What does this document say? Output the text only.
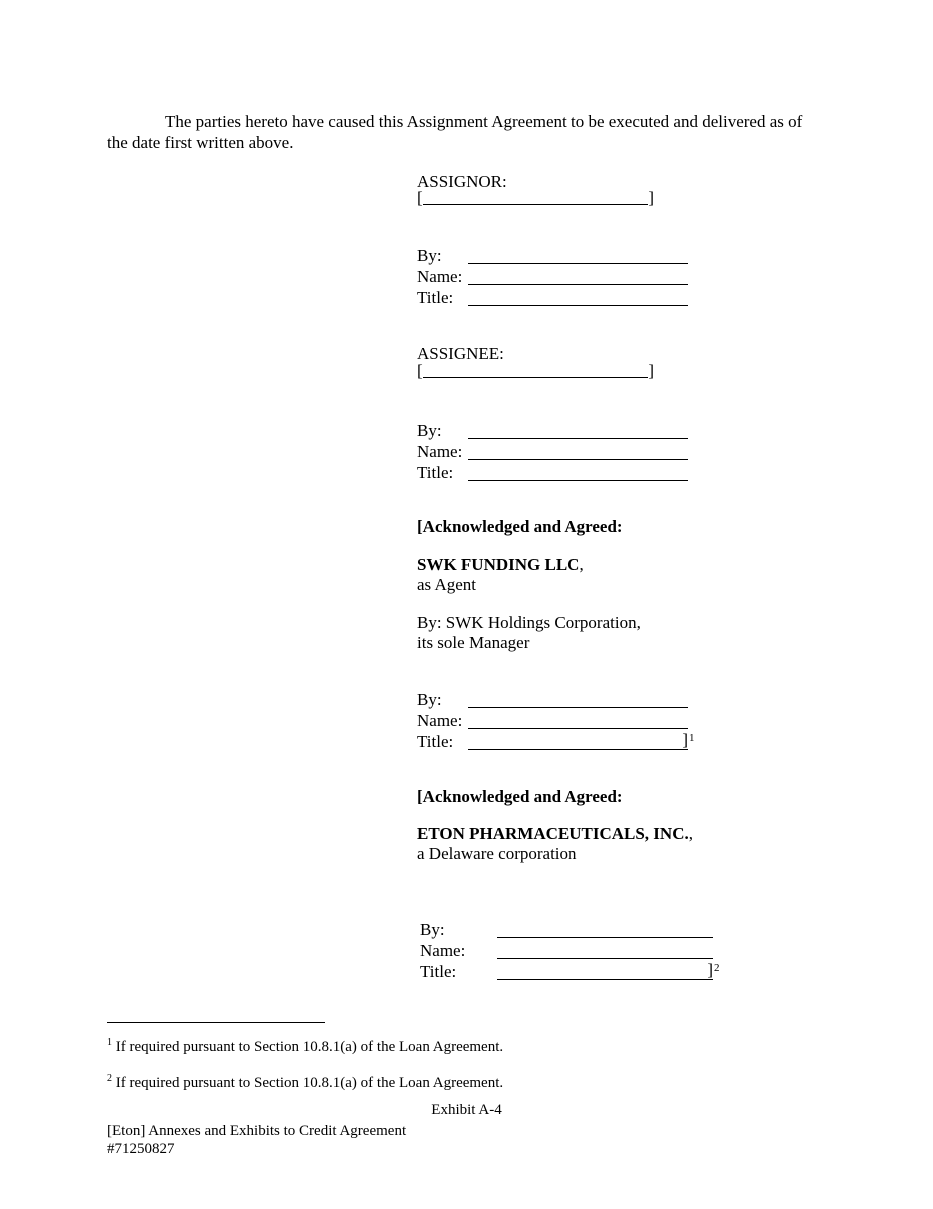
The parties hereto have caused this Assignment Agreement to be executed and delivered as of the date first written above.

ASSIGNOR:
[	]
By:
Name:
Title:
ASSIGNEE:
[	]
By:
Name:
Title:
[Acknowledged and Agreed:
SWK FUNDING LLC,
as Agent
By: SWK Holdings Corporation,
its sole Manager
By:
Name:
Title:	] 1
[Acknowledged and Agreed:
ETON PHARMACEUTICALS, INC.,
a Delaware corporation
By:
Name:
Title:	] 2
$^1$ If required pursuant to Section 10.8.1(a) of the Loan Agreement.
$^2$ If required pursuant to Section 10.8.1(a) of the Loan Agreement.
Exhibit A-4
[Eton] Annexes and Exhibits to Credit Agreement
#71250827
